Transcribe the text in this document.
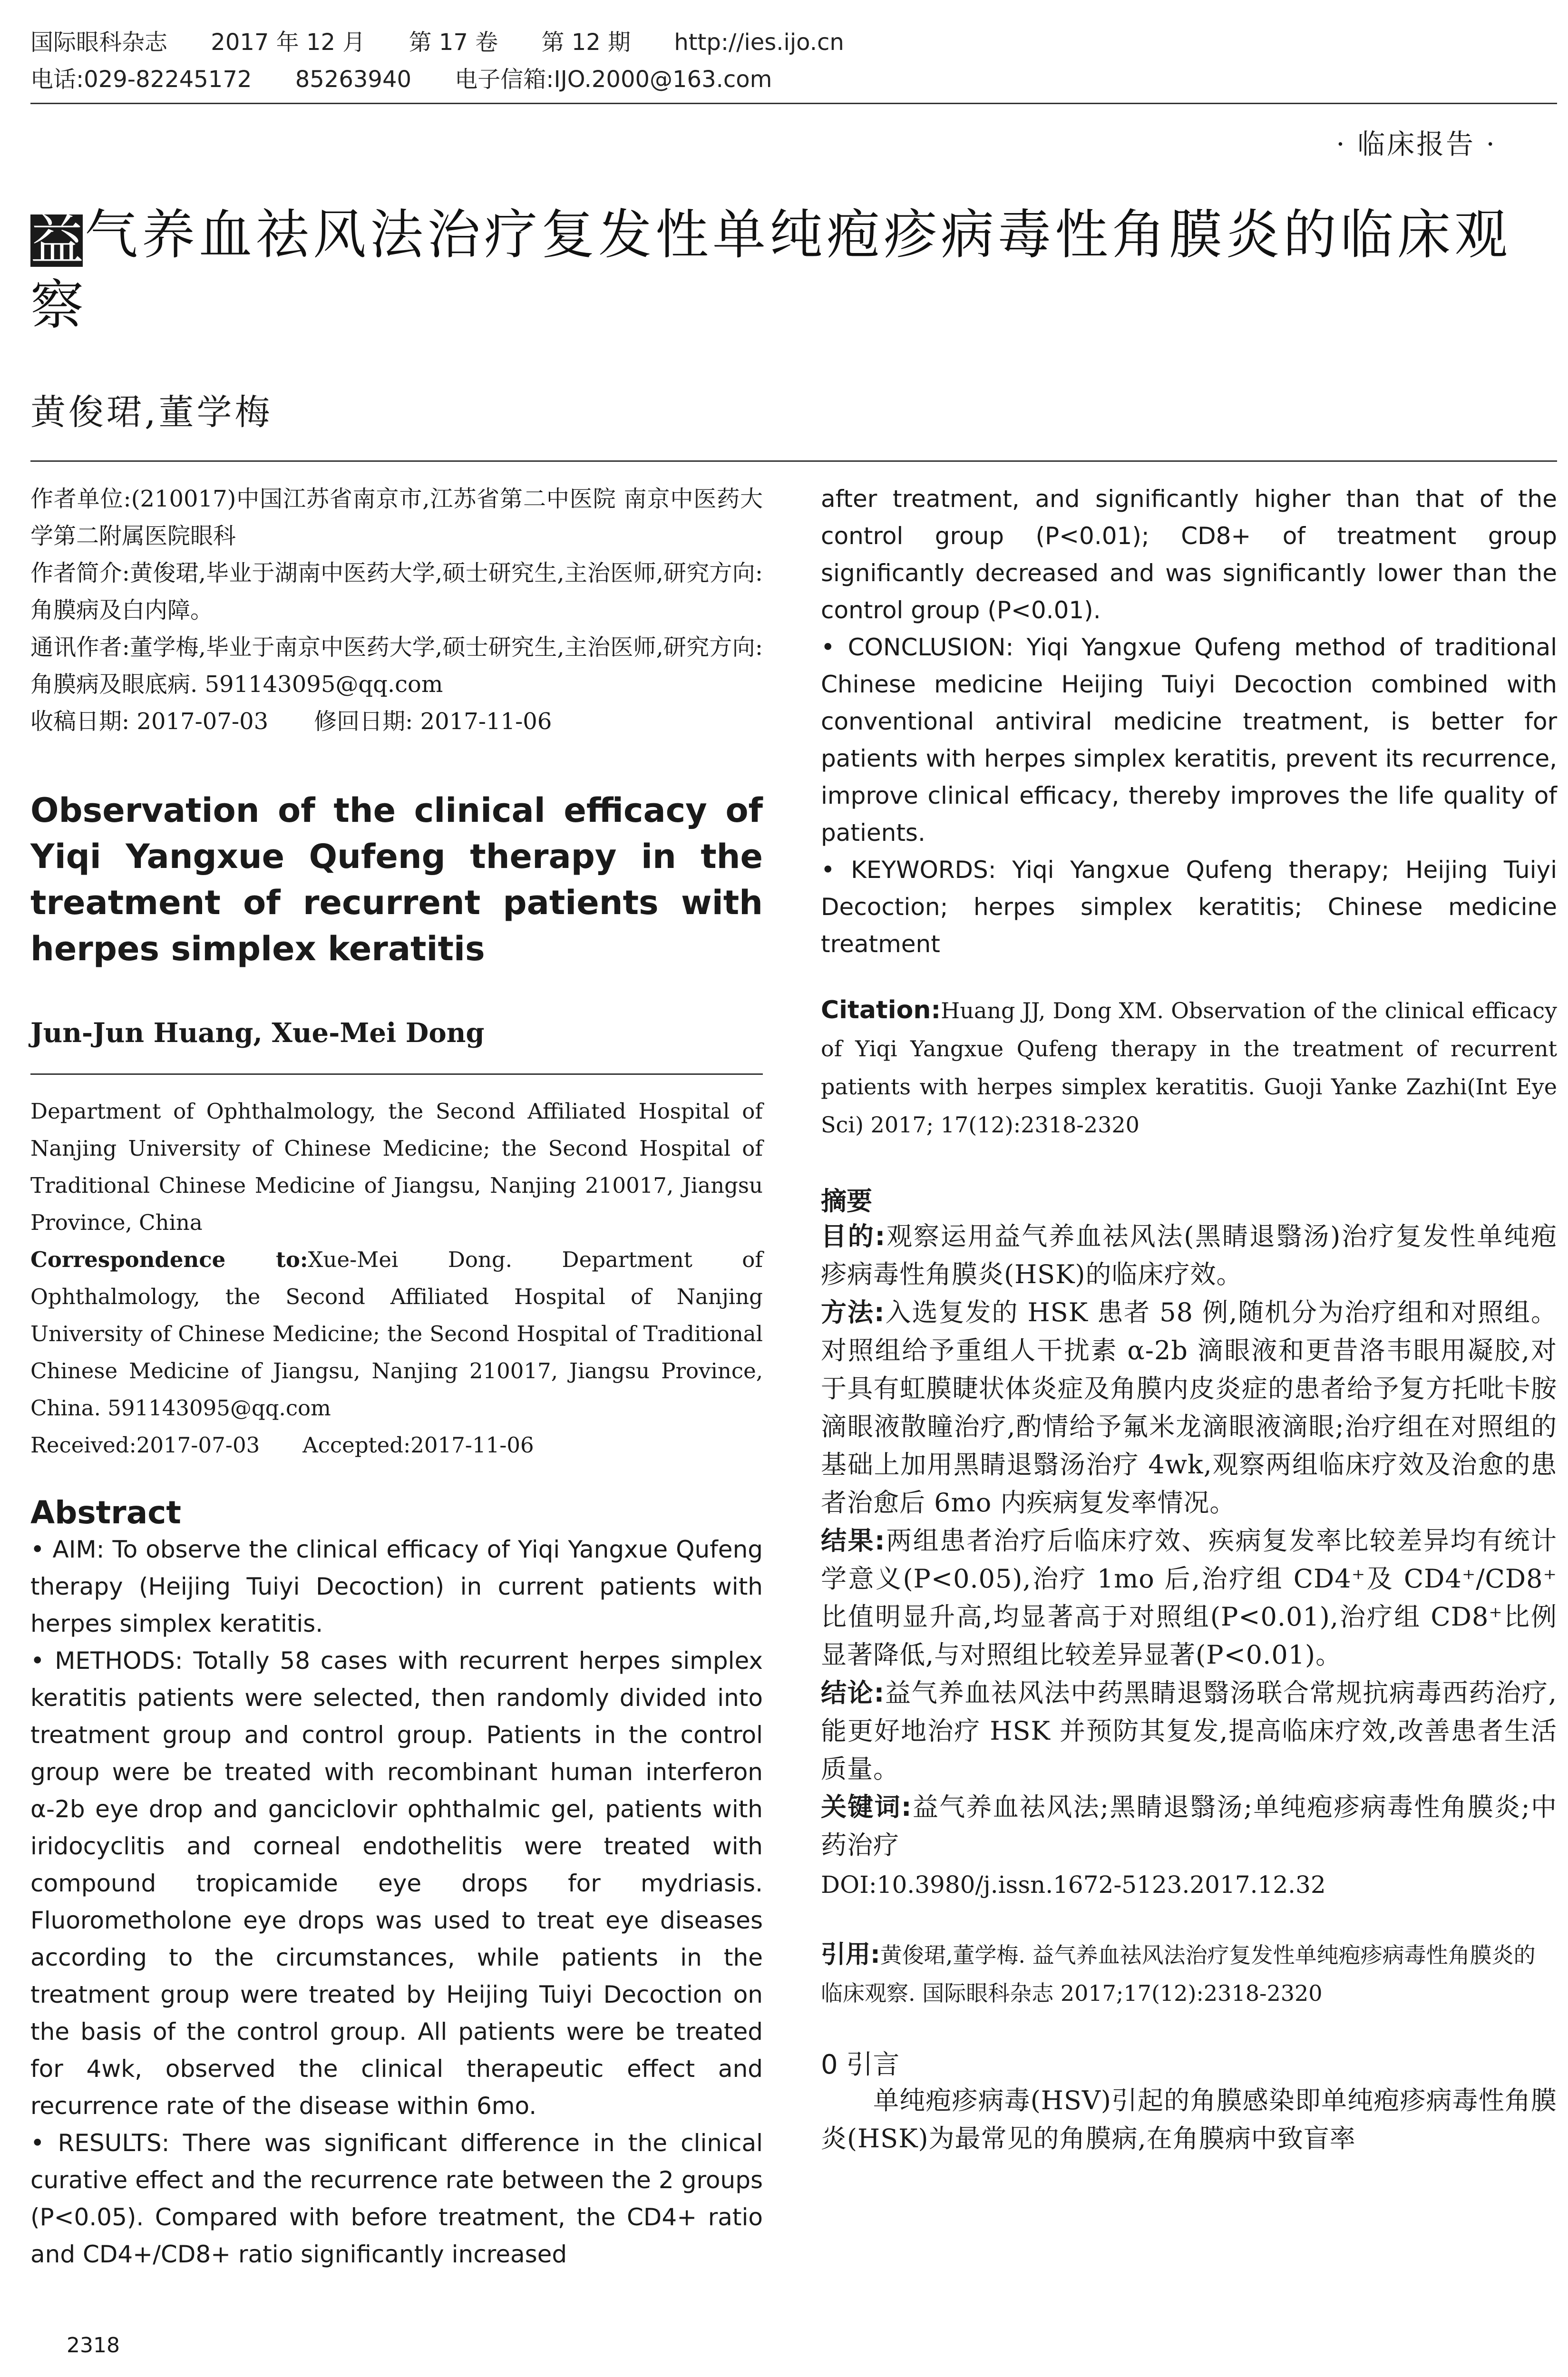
国际眼科杂志 2017 年 12 月 第 17 卷 第 12 期 http://ies.ijo.cn
电话:029-82245172 85263940 电子信箱:IJO.2000@163.com
· 临床报告 ·
益气养血祛风法治疗复发性单纯疱疹病毒性角膜炎的临床观察
黄俊珺,董学梅
作者单位:(210017)中国江苏省南京市,江苏省第二中医院 南京中医药大学第二附属医院眼科
作者简介:黄俊珺,毕业于湖南中医药大学,硕士研究生,主治医师,研究方向:角膜病及白内障。
通讯作者:董学梅,毕业于南京中医药大学,硕士研究生,主治医师,研究方向:角膜病及眼底病. 591143095@qq.com
收稿日期: 2017-07-03　　修回日期: 2017-11-06
Observation of the clinical efficacy of Yiqi Yangxue Qufeng therapy in the treatment of recurrent patients with herpes simplex keratitis
Jun-Jun Huang, Xue-Mei Dong
Department of Ophthalmology, the Second Affiliated Hospital of Nanjing University of Chinese Medicine; the Second Hospital of Traditional Chinese Medicine of Jiangsu, Nanjing 210017, Jiangsu Province, China
Correspondence to:Xue-Mei Dong. Department of Ophthalmology, the Second Affiliated Hospital of Nanjing University of Chinese Medicine; the Second Hospital of Traditional Chinese Medicine of Jiangsu, Nanjing 210017, Jiangsu Province, China. 591143095@qq.com
Received:2017-07-03　　Accepted:2017-11-06
Abstract

• AIM: To observe the clinical efficacy of Yiqi Yangxue Qufeng therapy (Heijing Tuiyi Decoction) in current patients with herpes simplex keratitis.

• METHODS: Totally 58 cases with recurrent herpes simplex keratitis patients were selected, then randomly divided into treatment group and control group. Patients in the control group were be treated with recombinant human interferon α-2b eye drop and ganciclovir ophthalmic gel, patients with iridocyclitis and corneal endothelitis were treated with compound tropicamide eye drops for mydriasis. Fluorometholone eye drops was used to treat eye diseases according to the circumstances, while patients in the treatment group were treated by Heijing Tuiyi Decoction on the basis of the control group. All patients were be treated for 4wk, observed the clinical therapeutic effect and recurrence rate of the disease within 6mo.

• RESULTS: There was significant difference in the clinical curative effect and the recurrence rate between the 2 groups (P<0.05). Compared with before treatment, the CD4+ ratio and CD4+/CD8+ ratio significantly increased

after treatment, and significantly higher than that of the control group (P<0.01); CD8+ of treatment group significantly decreased and was significantly lower than the control group (P<0.01).

• CONCLUSION: Yiqi Yangxue Qufeng method of traditional Chinese medicine Heijing Tuiyi Decoction combined with conventional antiviral medicine treatment, is better for patients with herpes simplex keratitis, prevent its recurrence, improve clinical efficacy, thereby improves the life quality of patients.

• KEYWORDS: Yiqi Yangxue Qufeng therapy; Heijing Tuiyi Decoction; herpes simplex keratitis; Chinese medicine treatment

Citation:Huang JJ, Dong XM. Observation of the clinical efficacy of Yiqi Yangxue Qufeng therapy in the treatment of recurrent patients with herpes simplex keratitis. Guoji Yanke Zazhi(Int Eye Sci) 2017; 17(12):2318-2320
摘要
目的:观察运用益气养血祛风法(黑睛退翳汤)治疗复发性单纯疱疹病毒性角膜炎(HSK)的临床疗效。
方法:入选复发的 HSK 患者 58 例,随机分为治疗组和对照组。对照组给予重组人干扰素 α-2b 滴眼液和更昔洛韦眼用凝胶,对于具有虹膜睫状体炎症及角膜内皮炎症的患者给予复方托吡卡胺滴眼液散瞳治疗,酌情给予氟米龙滴眼液滴眼;治疗组在对照组的基础上加用黑睛退翳汤治疗 4wk,观察两组临床疗效及治愈的患者治愈后 6mo 内疾病复发率情况。
结果:两组患者治疗后临床疗效、疾病复发率比较差异均有统计学意义(P<0.05),治疗 1mo 后,治疗组 CD4⁺及 CD4⁺/CD8⁺比值明显升高,均显著高于对照组(P<0.01),治疗组 CD8⁺比例显著降低,与对照组比较差异显著(P<0.01)。
结论:益气养血祛风法中药黑睛退翳汤联合常规抗病毒西药治疗,能更好地治疗 HSK 并预防其复发,提高临床疗效,改善患者生活质量。
关键词:益气养血祛风法;黑睛退翳汤;单纯疱疹病毒性角膜炎;中药治疗
DOI:10.3980/j.issn.1672-5123.2017.12.32
引用:黄俊珺,董学梅. 益气养血祛风法治疗复发性单纯疱疹病毒性角膜炎的临床观察. 国际眼科杂志 2017;17(12):2318-2320
0 引言
单纯疱疹病毒(HSV)引起的角膜感染即单纯疱疹病毒性角膜炎(HSK)为最常见的角膜病,在角膜病中致盲率
2318
